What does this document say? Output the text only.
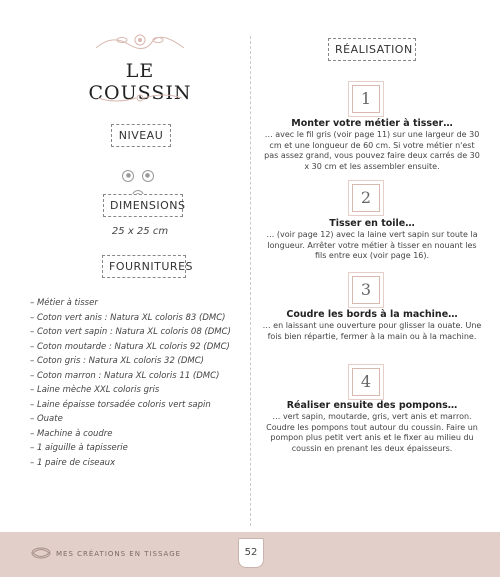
LE COUSSIN
NIVEAU
● ●
DIMENSIONS
25 x 25 cm
FOURNITURES
– Métier à tisser
– Coton vert anis : Natura XL coloris 83 (DMC)
– Coton vert sapin : Natura XL coloris 08 (DMC)
– Coton moutarde : Natura XL coloris 92 (DMC)
– Coton gris : Natura XL coloris 32 (DMC)
– Coton marron : Natura XL coloris 11 (DMC)
– Laine mèche XXL coloris gris
– Laine épaisse torsadée coloris vert sapin
– Ouate
– Machine à coudre
– 1 aiguille à tapisserie
– 1 paire de ciseaux
RÉALISATION
1
Monter votre métier à tisser…
… avec le fil gris (voir page 11) sur une largeur de 30 cm et une longueur de 60 cm. Si votre métier n'est pas assez grand, vous pouvez faire deux carrés de 30 x 30 cm et les assembler ensuite.
2
Tisser en toile…
… (voir page 12) avec la laine vert sapin sur toute la longueur. Arrêter votre métier à tisser en nouant les fils entre eux (voir page 16).
3
Coudre les bords à la machine…
… en laissant une ouverture pour glisser la ouate. Une fois bien répartie, fermer à la main ou à la machine.
4
Réaliser ensuite des pompons…
… vert sapin, moutarde, gris, vert anis et marron. Coudre les pompons tout autour du coussin. Faire un pompon plus petit vert anis et le fixer au milieu du coussin en prenant les deux épaisseurs.
MES CRÉATIONS EN TISSAGE	52
